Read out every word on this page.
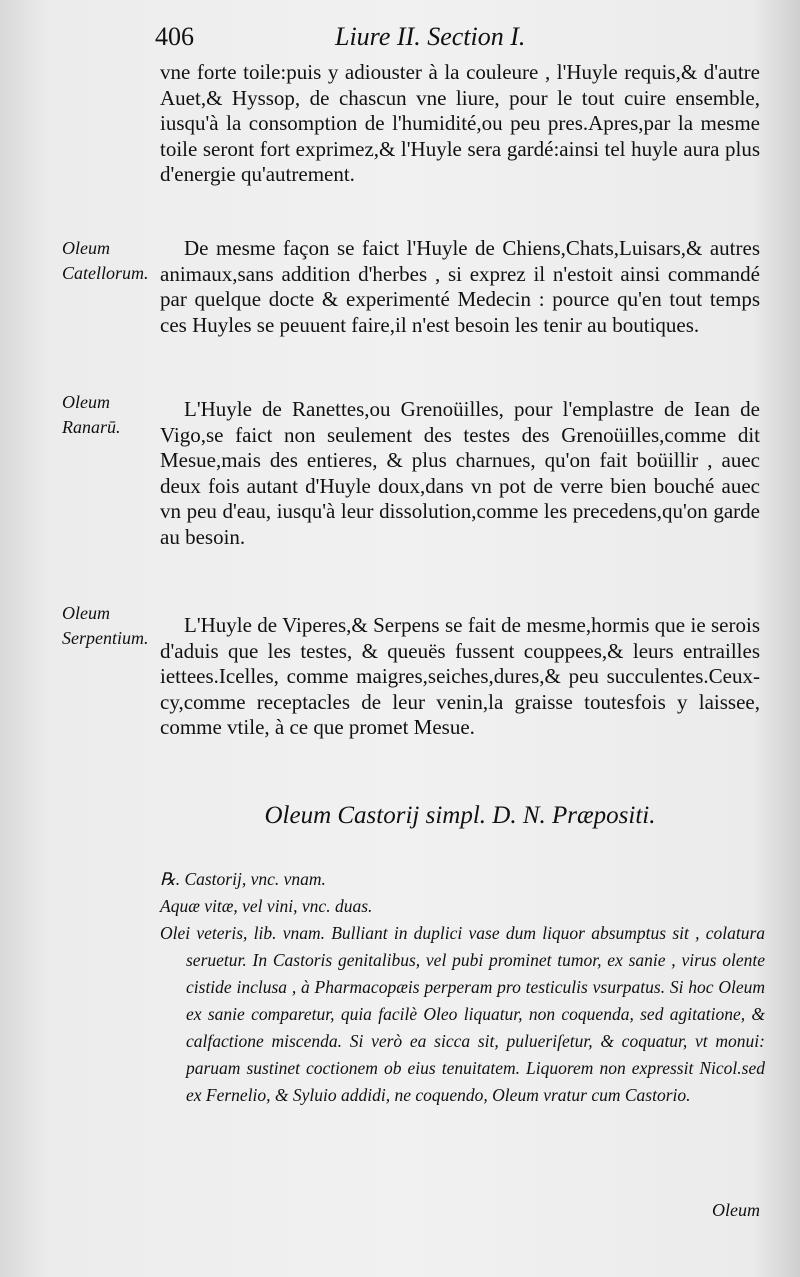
406	Liure II. Section I.
Oleum Catellorum.
Oleum Ranarū.
Oleum Serpentium.

vne forte toile:puis y adiouster à la couleure , l'Huyle requis,& d'autre Auet,& Hyssop, de chascun vne liure, pour le tout cuire ensemble, iusqu'à la consomption de l'humidité,ou peu pres.Apres,par la mesme toile seront fort exprimez,& l'Huyle sera gardé:ainsi tel huyle aura plus d'energie qu'autrement.

De mesme façon se faict l'Huyle de Chiens,Chats,Luisars,& autres animaux,sans addition d'herbes , si exprez il n'estoit ainsi commandé par quelque docte & experimenté Medecin : pource qu'en tout temps ces Huyles se peuuent faire,il n'est besoin les tenir au boutiques.

L'Huyle de Ranettes,ou Grenoüilles, pour l'emplastre de Iean de Vigo,se faict non seulement des testes des Grenoüilles,comme dit Mesue,mais des entieres, & plus charnues, qu'on fait boüillir , auec deux fois autant d'Huyle doux,dans vn pot de verre bien bouché auec vn peu d'eau, iusqu'à leur dissolution,comme les precedens,qu'on garde au besoin.

L'Huyle de Viperes,& Serpens se fait de mesme,hormis que ie serois d'aduis que les testes, & queuës fussent couppees,& leurs entrailles iettees.Icelles, comme maigres,seiches,dures,& peu succulentes.Ceux-cy,comme receptacles de leur venin,la graisse toutesfois y laissee, comme vtile, à ce que promet Mesue.

Oleum Castorij simpl. D. N. Præpositi.

℞. Castorij, vnc. vnam.

Aquæ vitæ, vel vini, vnc. duas.

Olei veteris, lib. vnam. Bulliant in duplici vase dum liquor absumptus sit , colatura seruetur. In Castoris genitalibus, vel pubi prominet tumor, ex sanie , virus olente cistide inclusa , à Pharmacopæis perperam pro testiculis vsurpatus. Si hoc Oleum ex sanie comparetur, quia facilè Oleo liquatur, non coquenda, sed agitatione, & calfactione miscenda. Si verò ea sicca sit, pulueriſetur, & coquatur, vt monui: paruam sustinet coctionem ob eius tenuitatem. Liquorem non expressit Nicol.sed ex Fernelio, & Syluio addidi, ne coquendo, Oleum vratur cum Castorio.

Oleum
